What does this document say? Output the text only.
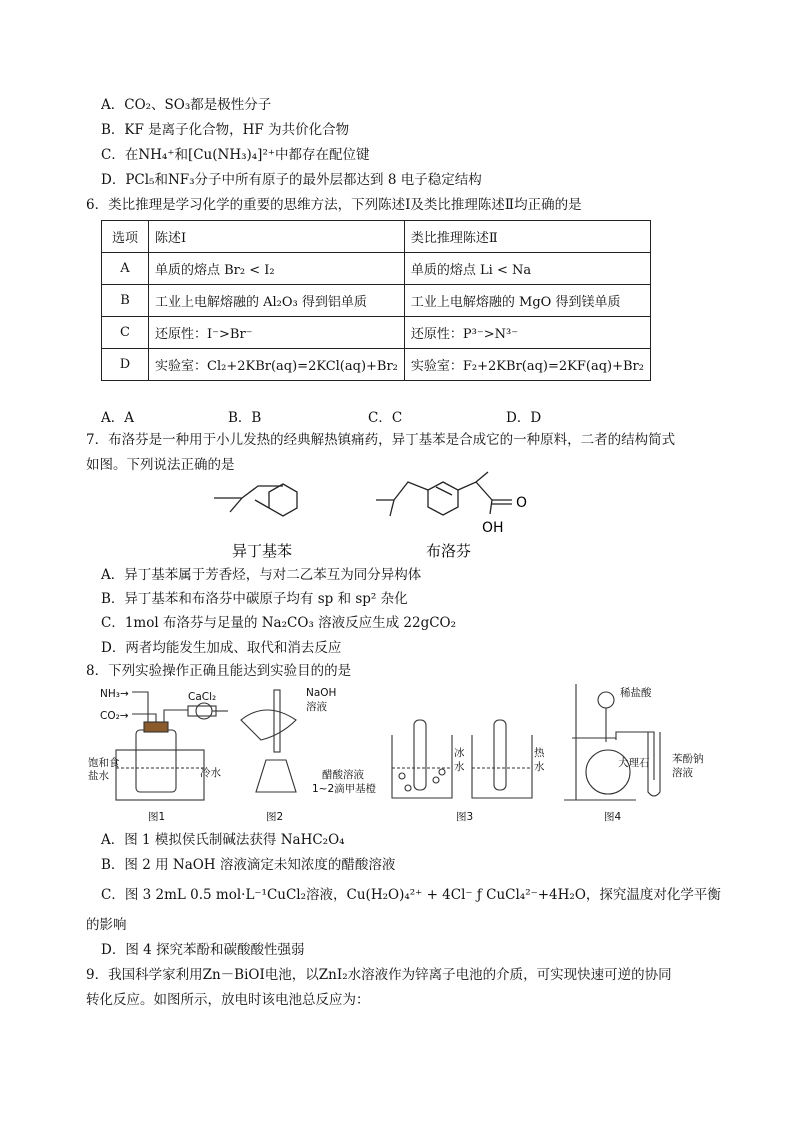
A．CO₂、SO₃都是极性分子
B．KF 是离子化合物，HF 为共价化合物
C．在NH₄⁺和[Cu(NH₃)₄]²⁺中都存在配位键
D．PCl₅和NF₃分子中所有原子的最外层都达到 8 电子稳定结构
6．类比推理是学习化学的重要的思维方法，下列陈述Ⅰ及类比推理陈述Ⅱ均正确的是
选项	陈述Ⅰ	类比推理陈述Ⅱ
A	单质的熔点 Br₂ < I₂	单质的熔点 Li < Na
B	工业上电解熔融的 Al₂O₃ 得到铝单质	工业上电解熔融的 MgO 得到镁单质
C	还原性：I⁻>Br⁻	还原性：P³⁻>N³⁻
D	实验室：Cl₂+2KBr(aq)=2KCl(aq)+Br₂	实验室：F₂+2KBr(aq)=2KF(aq)+Br₂
A．A	B．B	C．C	D．D
7．布洛芬是一种用于小儿发热的经典解热镇痛药，异丁基苯是合成它的一种原料，二者的结构简式
如图。下列说法正确的是
O
OH
异丁基苯	布洛芬
A．异丁基苯属于芳香烃，与对二乙苯互为同分异构体
B．异丁基苯和布洛芬中碳原子均有 sp 和 sp² 杂化
C．1mol 布洛芬与足量的 Na₂CO₃ 溶液反应生成 22gCO₂
D．两者均能发生加成、取代和消去反应
8．下列实验操作正确且能达到实验目的的是
NH₃→
CO₂→
CaCl₂
饱和食
盐水	冷水
NaOH
溶液
醋酸溶液
1~2滴甲基橙
冰
水
热
水
稀盐酸
大理石 苯酚钠
溶液
图1	图2	图3	图4
A．图 1 模拟侯氏制碱法获得 NaHC₂O₄
B．图 2 用 NaOH 溶液滴定未知浓度的醋酸溶液
C．图 3 2mL 0.5 mol·L⁻¹CuCl₂溶液，Cu(H₂O)₄²⁺ + 4Cl⁻ ƒ CuCl₄²⁻+4H₂O，探究温度对化学平衡
的影响
D．图 4 探究苯酚和碳酸酸性强弱
9．我国科学家利用Zn－BiOI电池，以ZnI₂水溶液作为锌离子电池的介质，可实现快速可逆的协同
转化反应。如图所示，放电时该电池总反应为：
